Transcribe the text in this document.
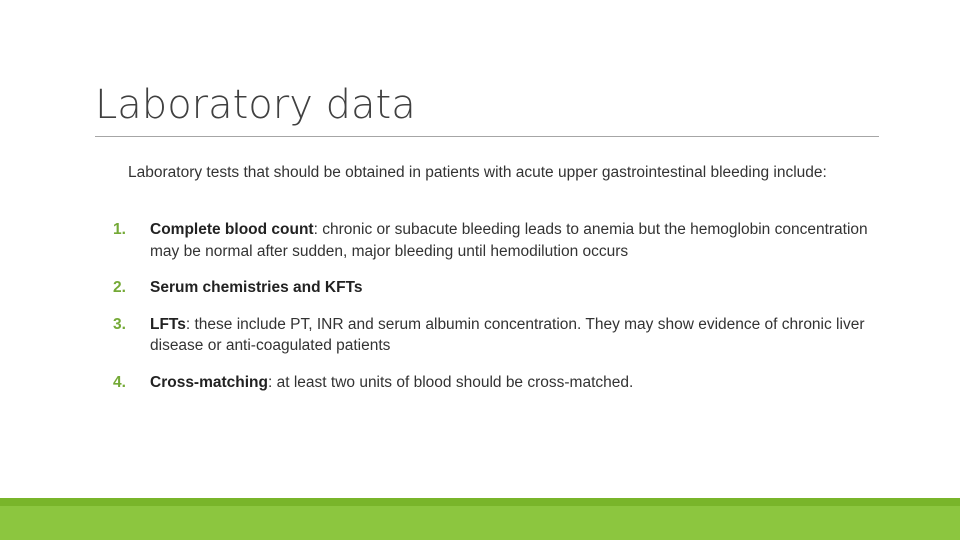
Laboratory data
Laboratory tests that should be obtained in patients with acute upper gastrointestinal bleeding include:
1.	Complete blood count: chronic or subacute bleeding leads to anemia but the hemoglobin concentration may be normal after sudden, major bleeding until hemodilution occurs
2.	Serum chemistries and KFTs
3.	LFTs: these include PT, INR and serum albumin concentration. They may show evidence of chronic liver disease or anti-coagulated patients
4.	Cross-matching: at least two units of blood should be cross-matched.
